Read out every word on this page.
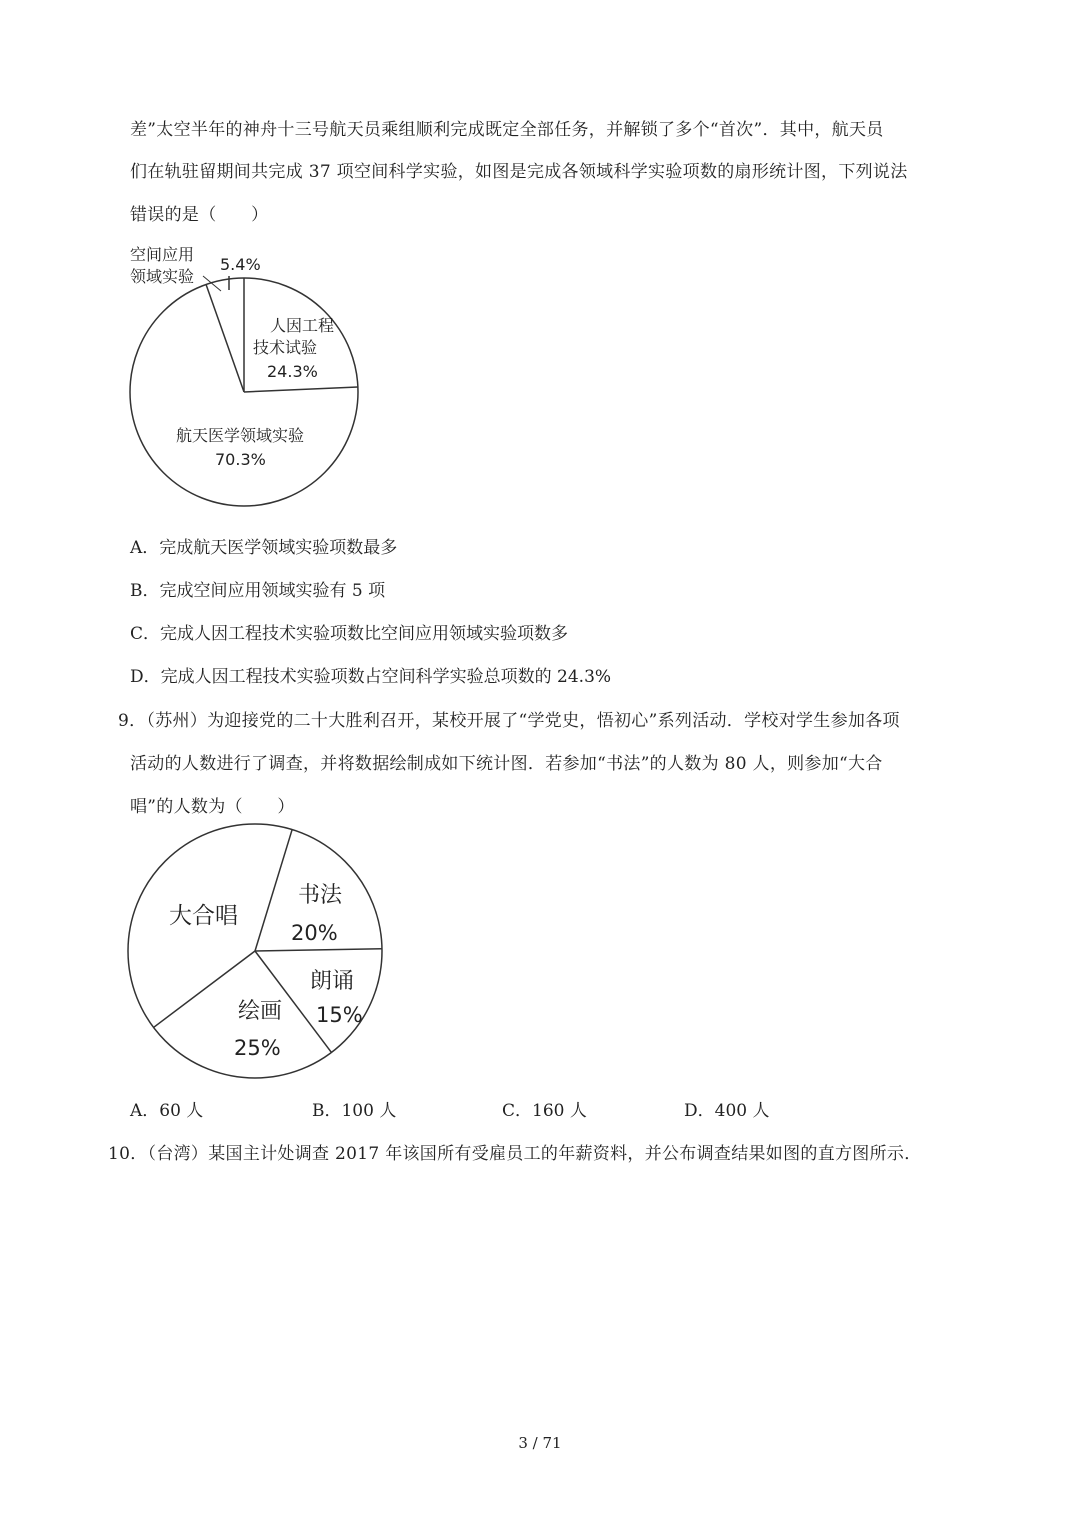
差”太空半年的神舟十三号航天员乘组顺利完成既定全部任务，并解锁了多个“首次”．其中，航天员
们在轨驻留期间共完成 37 项空间科学实验，如图是完成各领域科学实验项数的扇形统计图，下列说法
错误的是（　　）
人因工程
技术试验
24.3%
航天医学领域实验
70.3%
空间应用
领域实验
5.4%
书法
20%
朗诵
15%
绘画
25%
大合唱
A．完成航天医学领域实验项数最多
B．完成空间应用领域实验有 5 项
C．完成人因工程技术实验项数比空间应用领域实验项数多
D．完成人因工程技术实验项数占空间科学实验总项数的 24.3%
9．（苏州）为迎接党的二十大胜利召开，某校开展了“学党史，悟初心”系列活动．学校对学生参加各项
活动的人数进行了调查，并将数据绘制成如下统计图．若参加“书法”的人数为 80 人，则参加“大合
唱”的人数为（　　）
A．60 人	B．100 人	C．160 人	D．400 人
10．（台湾）某国主计处调查 2017 年该国所有受雇员工的年薪资料，并公布调查结果如图的直方图所示．
3 / 71
